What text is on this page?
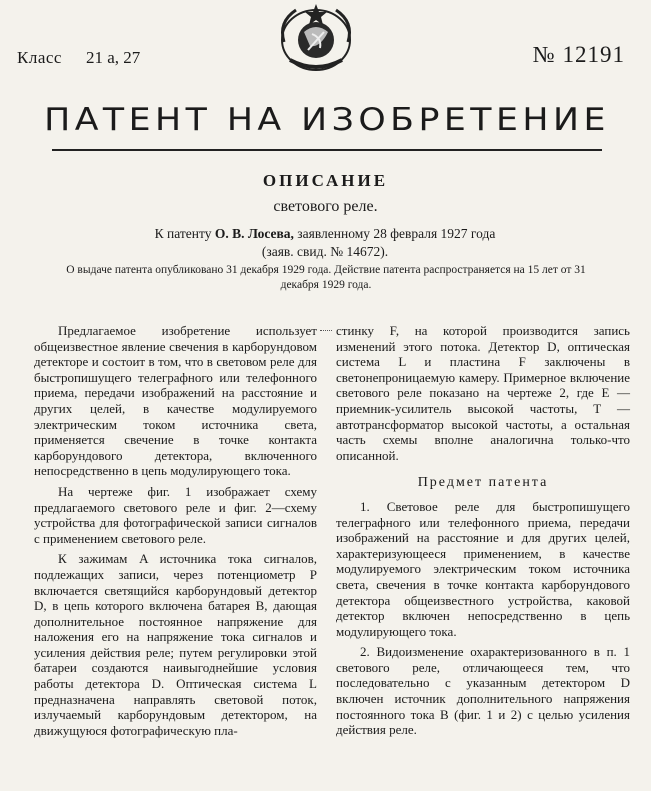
Класс 21 а, 27	№ 12191
ПАТЕНТ НА ИЗОБРЕТЕНИЕ
ОПИСАНИЕ
светового реле.
К патенту О. В. Лосева, заявленному 28 февраля 1927 года
(заяв. свид. № 14672).
О выдаче патента опубликовано 31 декабря 1929 года. Действие патента распространяется на 15 лет от 31 декабря 1929 года.

Предлагаемое изобретение использует общеизвестное явление свечения в карборундовом детекторе и состоит в том, что в световом реле для быстропишущего телеграфного или телефонного приема, передачи изображений на расстояние и других целей, в качестве модулируемого электрическим током источника света, применяется свечение в точке контакта карборундового детектора, включенного непосредственно в цепь модулирующего тока.

На чертеже фиг. 1 изображает схему предлагаемого светового реле и фиг. 2—схему устройства для фотографической записи сигналов с применением светового реле.

К зажимам A источника тока сигналов, подлежащих записи, через потенциометр P включается светящийся карборундовый детектор D, в цепь которого включена батарея B, дающая дополнительное постоянное напряжение для наложения его на напряжение тока сигналов и усиления действия реле; путем регулировки этой батареи создаются наивыгоднейшие условия работы детектора D. Оптическая система L предназначена направлять световой поток, излучаемый карборундовым детектором, на движущуюся фотографическую пла-

стинку F, на которой производится запись изменений этого потока. Детектор D, оптическая система L и пластина F заключены в светонепроницаемую камеру. Примерное включение светового реле показано на чертеже 2, где E — приемник-усилитель высокой частоты, T — автотрансформатор высокой частоты, а остальная часть схемы вполне аналогична только-что описанной.

Предмет патента

1. Световое реле для быстропишущего телеграфного или телефонного приема, передачи изображений на расстояние и для других целей, характеризующееся применением, в качестве модулируемого электрическим током источника света, свечения в точке контакта карборундового детектора общеизвестного устройства, каковой детектор включен непосредственно в цепь модулирующего тока.

2. Видоизменение охарактеризованного в п. 1 светового реле, отличающееся тем, что последовательно с указанным детектором D включен источник дополнительного напряжения постоянного тока B (фиг. 1 и 2) с целью усиления действия реле.
